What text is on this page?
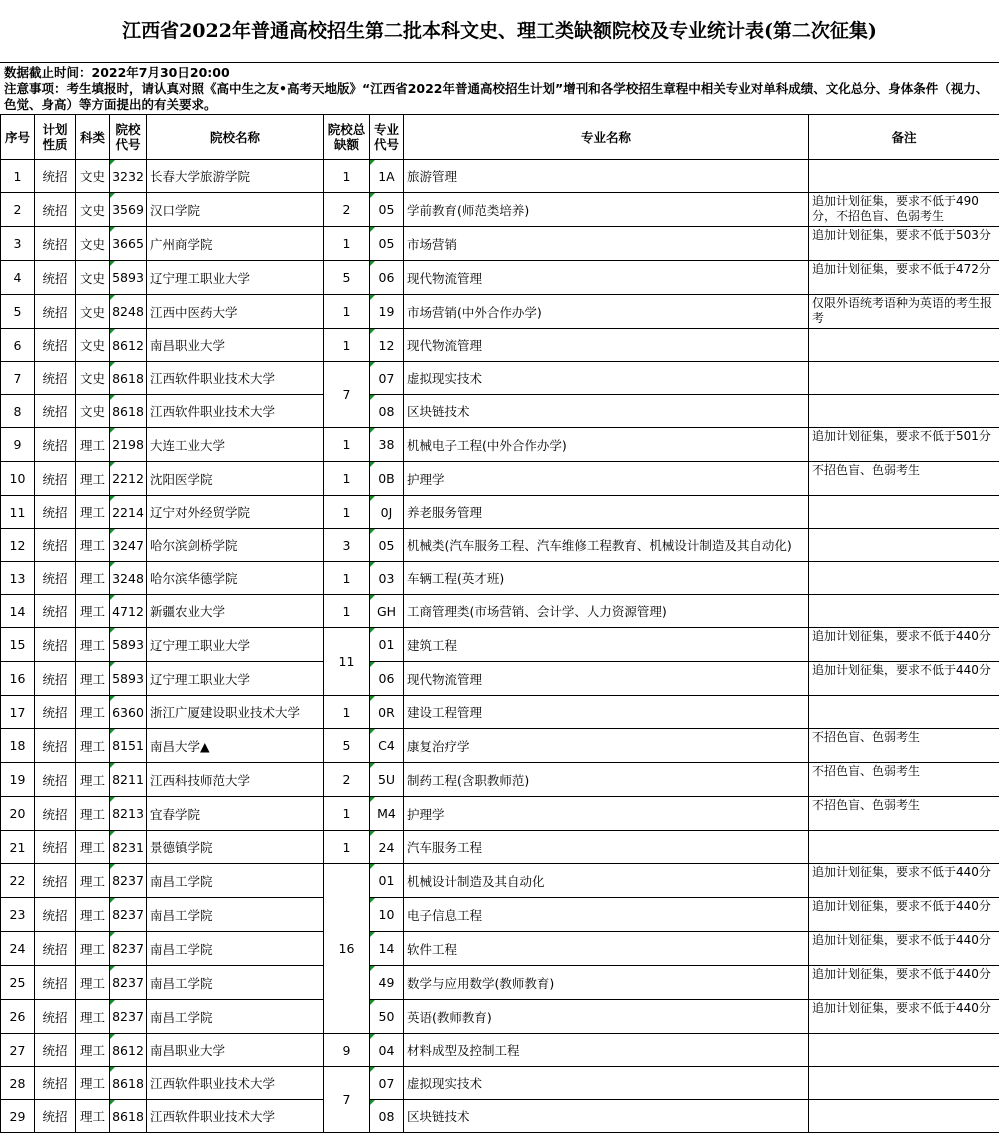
江西省2022年普通高校招生第二批本科文史、理工类缺额院校及专业统计表(第二次征集)
数据截止时间：2022年7月30日20:00
注意事项：考生填报时，请认真对照《高中生之友•高考天地版》“江西省2022年普通高校招生计划”增刊和各学校招生章程中相关专业对单科成绩、文化总分、身体条件（视力、色觉、身高）等方面提出的有关要求。
序号	计划性质	科类	院校代号	院校名称	院校总缺额	专业代号	专业名称	备注
1	统招	文史	3232	长春大学旅游学院	1	1A	旅游管理	
2	统招	文史	3569	汉口学院	2	05	学前教育(师范类培养)	追加计划征集，要求不低于490分，不招色盲、色弱考生
3	统招	文史	3665	广州商学院	1	05	市场营销	追加计划征集，要求不低于503分
4	统招	文史	5893	辽宁理工职业大学	5	06	现代物流管理	追加计划征集，要求不低于472分
5	统招	文史	8248	江西中医药大学	1	19	市场营销(中外合作办学)	仅限外语统考语种为英语的考生报考
6	统招	文史	8612	南昌职业大学	1	12	现代物流管理	
7	统招	文史	8618	江西软件职业技术大学	7	07	虚拟现实技术	
8	统招	文史	8618	江西软件职业技术大学		08	区块链技术	
9	统招	理工	2198	大连工业大学	1	38	机械电子工程(中外合作办学)	追加计划征集，要求不低于501分
10	统招	理工	2212	沈阳医学院	1	0B	护理学	不招色盲、色弱考生
11	统招	理工	2214	辽宁对外经贸学院	1	0J	养老服务管理	
12	统招	理工	3247	哈尔滨剑桥学院	3	05	机械类(汽车服务工程、汽车维修工程教育、机械设计制造及其自动化)	
13	统招	理工	3248	哈尔滨华德学院	1	03	车辆工程(英才班)	
14	统招	理工	4712	新疆农业大学	1	GH	工商管理类(市场营销、会计学、人力资源管理)	
15	统招	理工	5893	辽宁理工职业大学	11	01	建筑工程	追加计划征集，要求不低于440分
16	统招	理工	5893	辽宁理工职业大学		06	现代物流管理	追加计划征集，要求不低于440分
17	统招	理工	6360	浙江广厦建设职业技术大学	1	0R	建设工程管理	
18	统招	理工	8151	南昌大学▲	5	C4	康复治疗学	不招色盲、色弱考生
19	统招	理工	8211	江西科技师范大学	2	5U	制药工程(含职教师范)	不招色盲、色弱考生
20	统招	理工	8213	宜春学院	1	M4	护理学	不招色盲、色弱考生
21	统招	理工	8231	景德镇学院	1	24	汽车服务工程	
22	统招	理工	8237	南昌工学院	16	01	机械设计制造及其自动化	追加计划征集，要求不低于440分
23	统招	理工	8237	南昌工学院		10	电子信息工程	追加计划征集，要求不低于440分
24	统招	理工	8237	南昌工学院		14	软件工程	追加计划征集，要求不低于440分
25	统招	理工	8237	南昌工学院		49	数学与应用数学(教师教育)	追加计划征集，要求不低于440分
26	统招	理工	8237	南昌工学院		50	英语(教师教育)	追加计划征集，要求不低于440分
27	统招	理工	8612	南昌职业大学	9	04	材料成型及控制工程	
28	统招	理工	8618	江西软件职业技术大学	7	07	虚拟现实技术	
29	统招	理工	8618	江西软件职业技术大学		08	区块链技术	
